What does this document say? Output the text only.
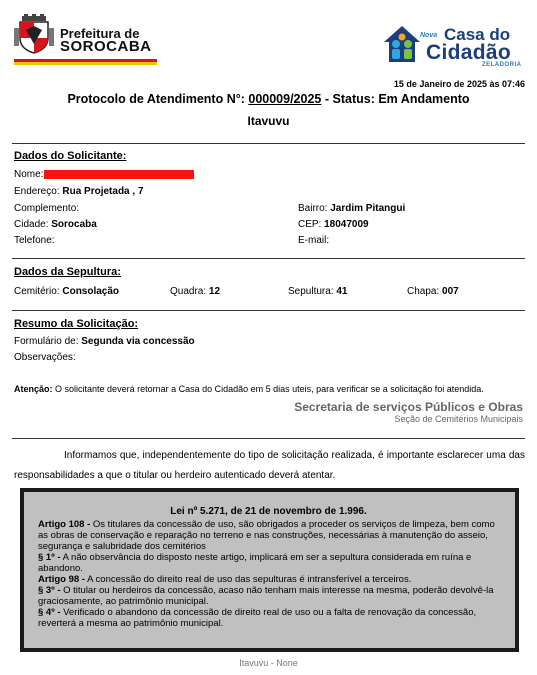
Prefeitura de
SOROCABA
Nova Casa do
Cidadão
ZELADORIA
15 de Janeiro de 2025 às 07:46
Protocolo de Atendimento N°: 000009/2025 - Status: Em Andamento
Itavuvu
Dados do Solicitante:
Nome:
Endereço: Rua Projetada , 7
Complemento:	Bairro: Jardim Pitangui
Cidade: Sorocaba	CEP: 18047009
Telefone:	E-mail:
Dados da Sepultura:
Cemitério: Consolação	Quadra: 12	Sepultura: 41	Chapa: 007
Resumo da Solicitação:
Formulário de: Segunda via concessão
Observações:
Atenção: O solicitante deverá retornar a Casa do Cidadão em 5 dias uteis, para verificar se a solicitação foi atendida.
Secretaria de serviços Públicos e Obras
Seção de Cemitérios Municipais
Informamos que, independentemente do tipo de solicitação realizada, é importante esclarecer uma das responsabilidades a que o titular ou herdeiro autenticado deverá atentar.
Lei nº 5.271, de 21 de novembro de 1.996.

Artigo 108 - Os titulares da concessão de uso, são obrigados a proceder os serviços de limpeza, bem como as obras de conservação e reparação no terreno e nas construções, necessárias à manutenção do asseio, segurança e salubridade dos cemitérios

§ 1º - A não observância do disposto neste artigo, implicará em ser a sepultura considerada em ruína e abandono.

Artigo 98 - A concessão do direito real de uso das sepulturas é intransferível a terceiros.

§ 3º - O titular ou herdeiros da concessão, acaso não tenham mais interesse na mesma, poderão devolvê-la graciosamente, ao patrimônio municipal.

§ 4º - Verificado o abandono da concessão de direito real de uso ou a falta de renovação da concessão, reverterá a mesma ao patrimônio municipal.

Itavuvu - None
